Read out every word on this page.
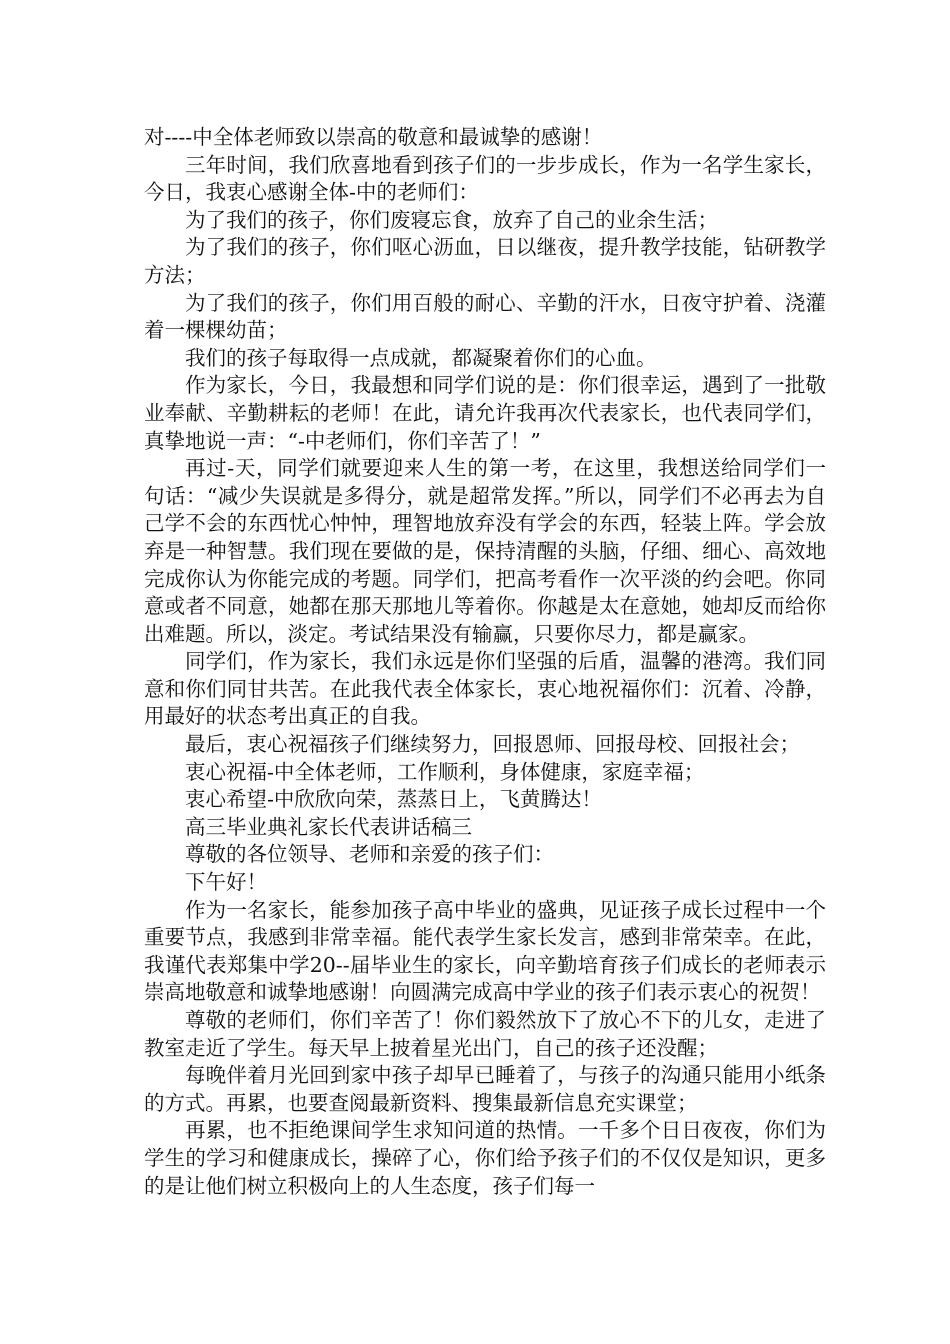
对----中全体老师致以崇高的敬意和最诚挚的感谢！

三年时间，我们欣喜地看到孩子们的一步步成长，作为一名学生家长，今日，我衷心感谢全体-中的老师们：

为了我们的孩子，你们废寝忘食，放弃了自己的业余生活；

为了我们的孩子，你们呕心沥血，日以继夜，提升教学技能，钻研教学方法；

为了我们的孩子，你们用百般的耐心、辛勤的汗水，日夜守护着、浇灌着一棵棵幼苗；

我们的孩子每取得一点成就，都凝聚着你们的心血。

作为家长，今日，我最想和同学们说的是：你们很幸运，遇到了一批敬业奉献、辛勤耕耘的老师！在此，请允许我再次代表家长，也代表同学们，真挚地说一声：“-中老师们，你们辛苦了！”

再过-天，同学们就要迎来人生的第一考，在这里，我想送给同学们一句话：“减少失误就是多得分，就是超常发挥。”所以，同学们不必再去为自己学不会的东西忧心忡忡，理智地放弃没有学会的东西，轻装上阵。学会放弃是一种智慧。我们现在要做的是，保持清醒的头脑，仔细、细心、高效地完成你认为你能完成的考题。同学们，把高考看作一次平淡的约会吧。你同意或者不同意，她都在那天那地儿等着你。你越是太在意她，她却反而给你出难题。所以，淡定。考试结果没有输赢，只要你尽力，都是赢家。

同学们，作为家长，我们永远是你们坚强的后盾，温馨的港湾。我们同意和你们同甘共苦。在此我代表全体家长，衷心地祝福你们：沉着、冷静，用最好的状态考出真正的自我。

最后，衷心祝福孩子们继续努力，回报恩师、回报母校、回报社会；

衷心祝福-中全体老师，工作顺利，身体健康，家庭幸福；

衷心希望-中欣欣向荣，蒸蒸日上，飞黄腾达！

高三毕业典礼家长代表讲话稿三

尊敬的各位领导、老师和亲爱的孩子们：

下午好！

作为一名家长，能参加孩子高中毕业的盛典，见证孩子成长过程中一个重要节点，我感到非常幸福。能代表学生家长发言，感到非常荣幸。在此，我谨代表郑集中学20--届毕业生的家长，向辛勤培育孩子们成长的老师表示崇高地敬意和诚挚地感谢！向圆满完成高中学业的孩子们表示衷心的祝贺！

尊敬的老师们，你们辛苦了！你们毅然放下了放心不下的儿女，走进了教室走近了学生。每天早上披着星光出门，自己的孩子还没醒；

每晚伴着月光回到家中孩子却早已睡着了，与孩子的沟通只能用小纸条的方式。再累，也要查阅最新资料、搜集最新信息充实课堂；

再累，也不拒绝课间学生求知问道的热情。一千多个日日夜夜，你们为学生的学习和健康成长，操碎了心，你们给予孩子们的不仅仅是知识，更多的是让他们树立积极向上的人生态度，孩子们每一
